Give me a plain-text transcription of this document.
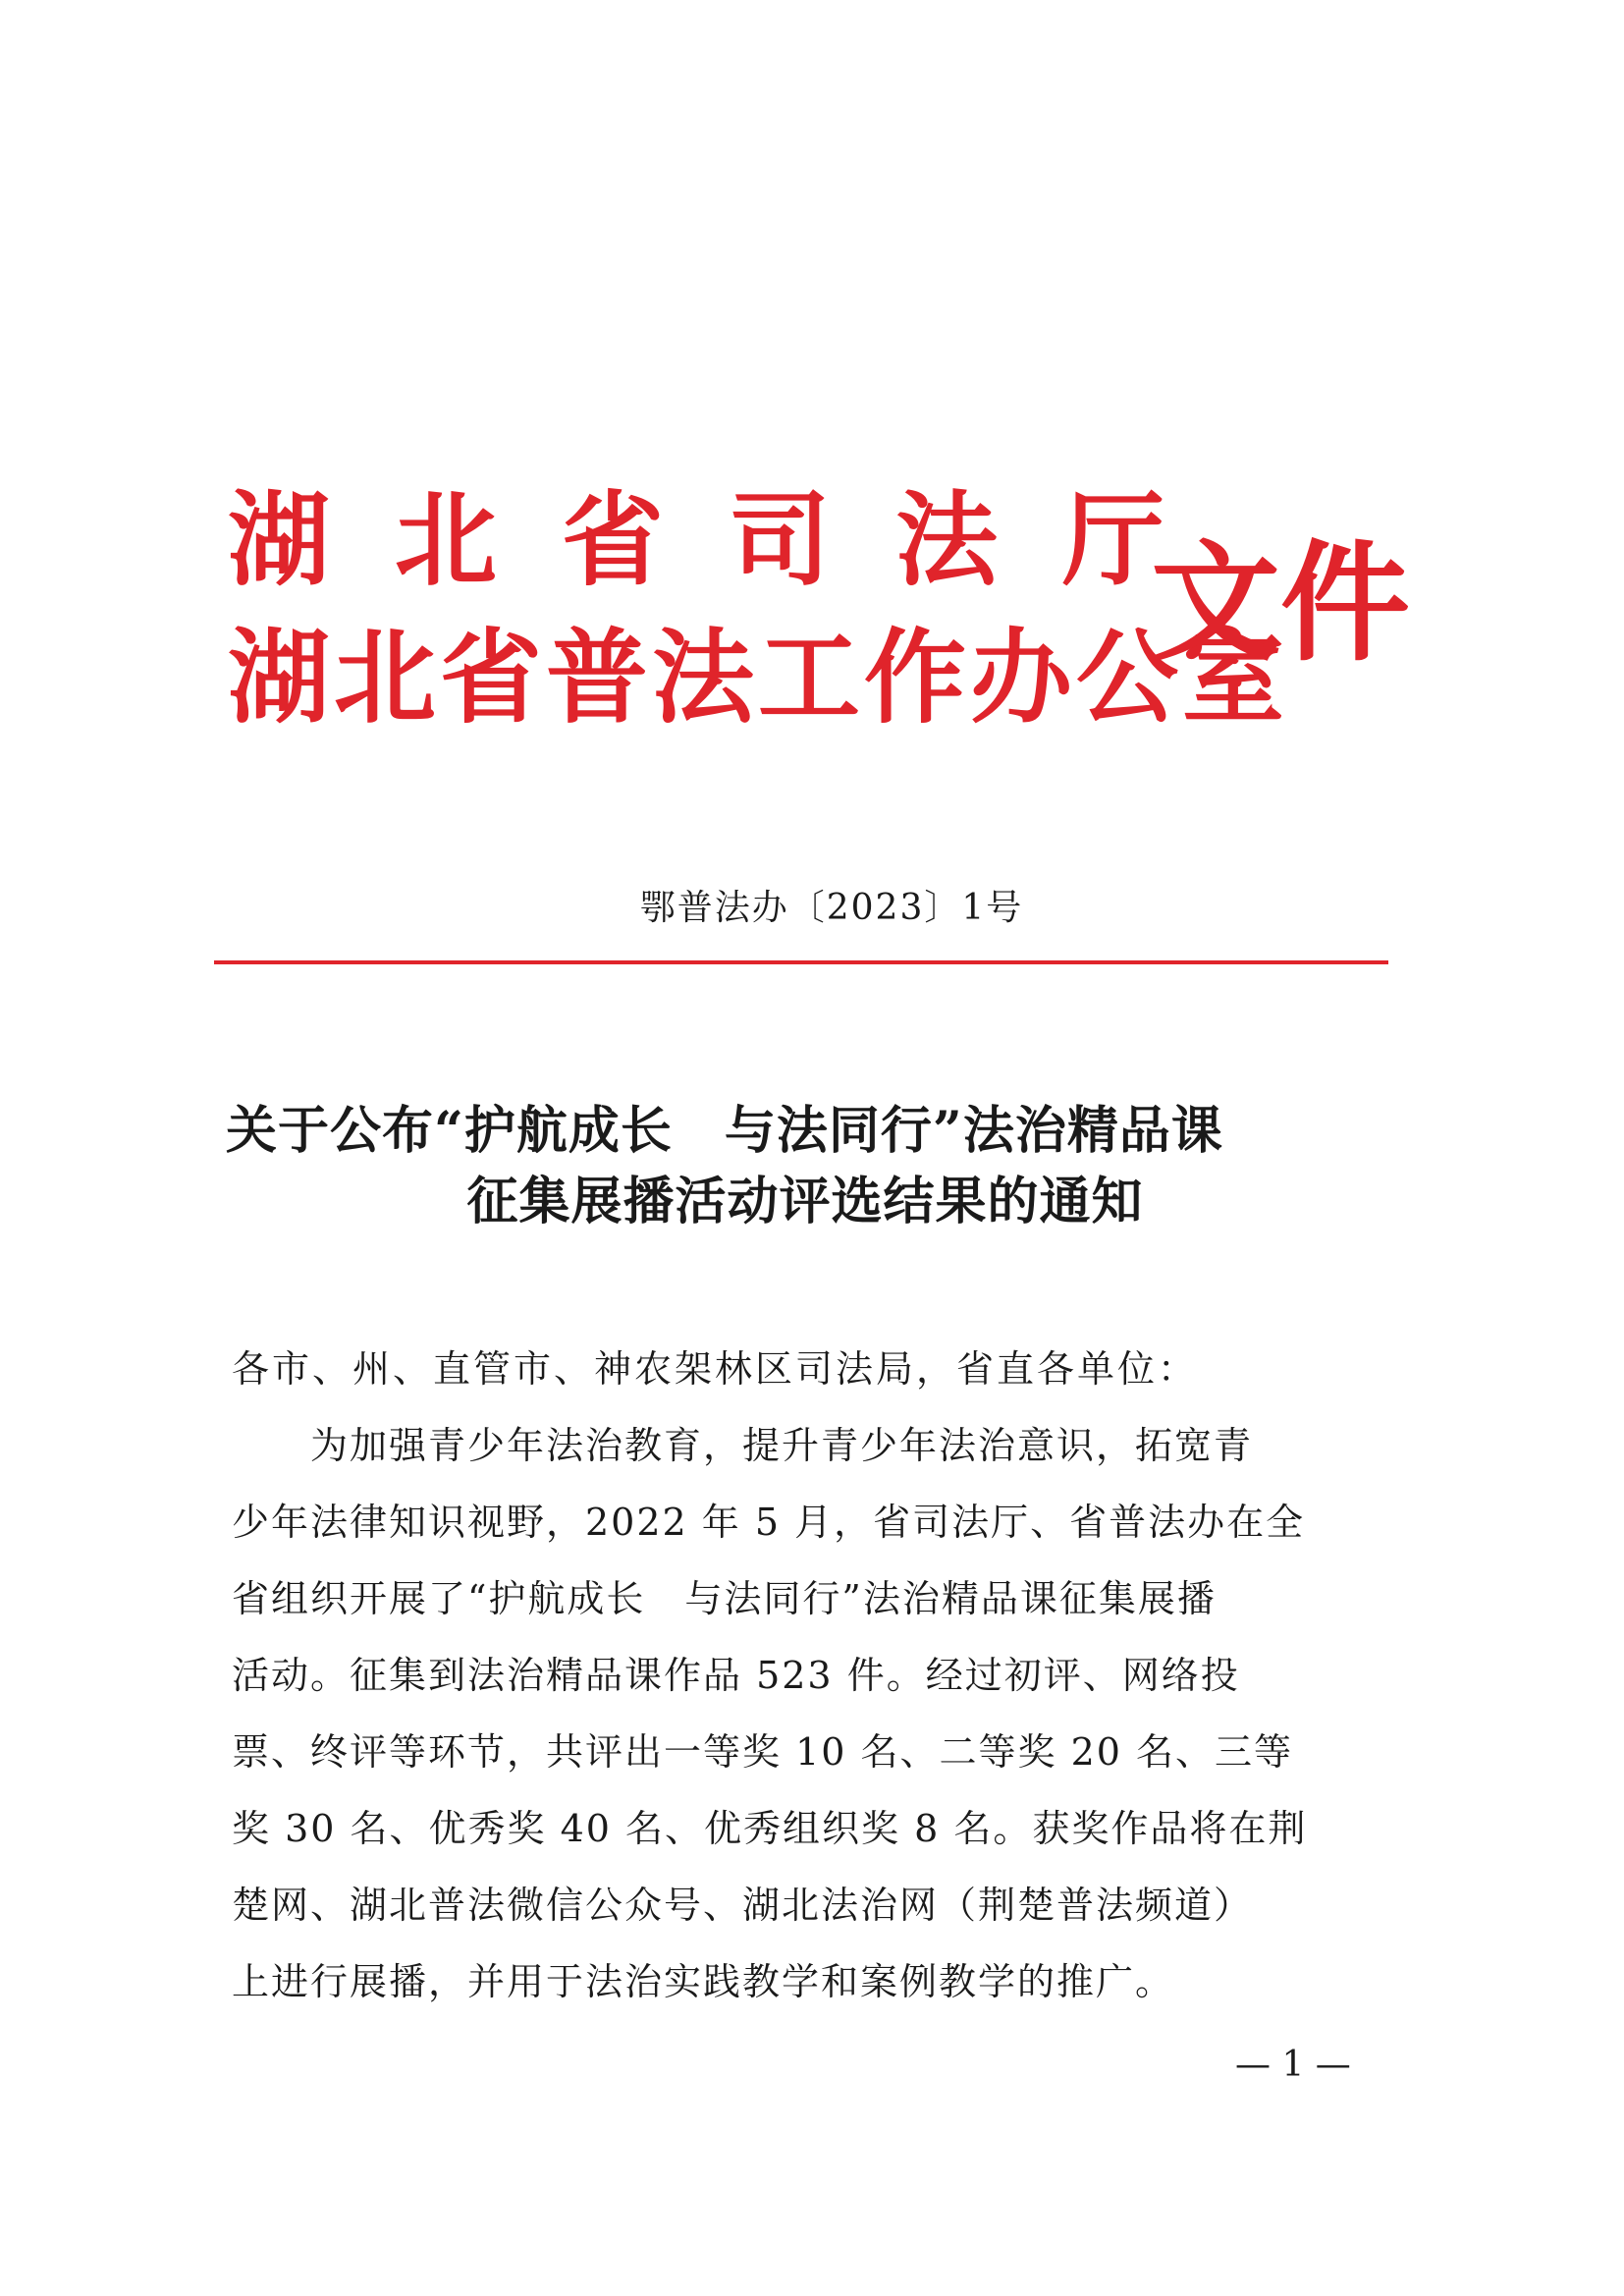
湖北省司法厅
湖北省普法工作办公室
文件
鄂普法办〔2023〕1号
关于公布“护航成长　与法同行”法治精品课
征集展播活动评选结果的通知
各市、州、直管市、神农架林区司法局，省直各单位：
　　为加强青少年法治教育，提升青少年法治意识，拓宽青
少年法律知识视野，2022 年 5 月，省司法厅、省普法办在全
省组织开展了“护航成长　与法同行”法治精品课征集展播
活动。征集到法治精品课作品 523 件。经过初评、网络投
票、终评等环节，共评出一等奖 10 名、二等奖 20 名、三等
奖 30 名、优秀奖 40 名、优秀组织奖 8 名。获奖作品将在荆
楚网、湖北普法微信公众号、湖北法治网（荆楚普法频道）
上进行展播，并用于法治实践教学和案例教学的推广。
— 1 —
